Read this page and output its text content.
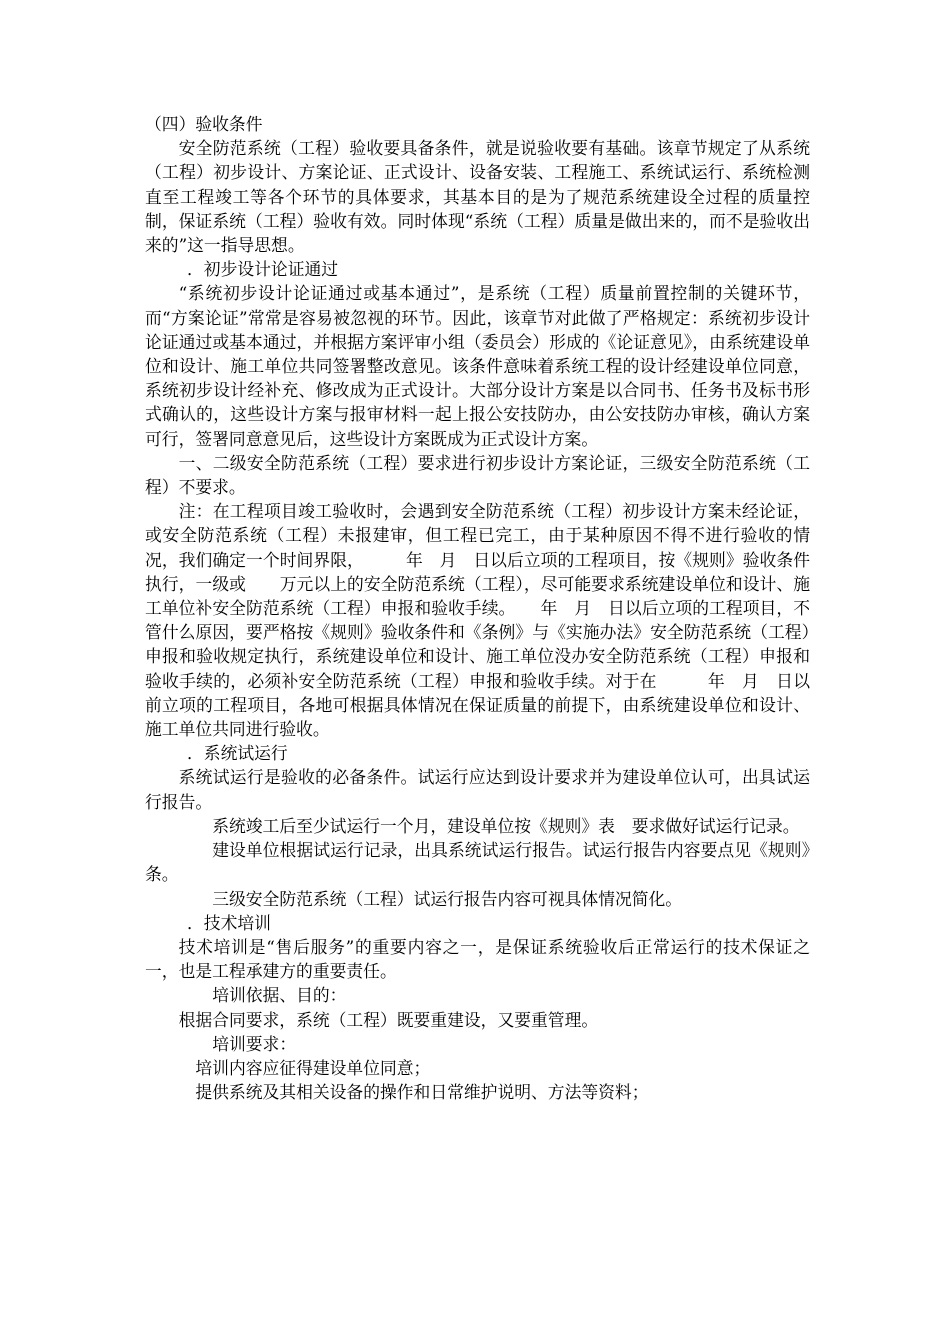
（四）验收条件

安全防范系统（工程）验收要具备条件，就是说验收要有基础。该章节规定了从系统（工程）初步设计、方案论证、正式设计、设备安装、工程施工、系统试运行、系统检测直至工程竣工等各个环节的具体要求，其基本目的是为了规范系统建设全过程的质量控制，保证系统（工程）验收有效。同时体现“系统（工程）质量是做出来的，而不是验收出来的”这一指导思想。

．初步设计论证通过

“系统初步设计论证通过或基本通过”，是系统（工程）质量前置控制的关键环节，而“方案论证”常常是容易被忽视的环节。因此，该章节对此做了严格规定：系统初步设计论证通过或基本通过，并根据方案评审小组（委员会）形成的《论证意见》，由系统建设单位和设计、施工单位共同签署整改意见。该条件意味着系统工程的设计经建设单位同意，系统初步设计经补充、修改成为正式设计。大部分设计方案是以合同书、任务书及标书形式确认的，这些设计方案与报审材料一起上报公安技防办，由公安技防办审核，确认方案可行，签署同意意见后，这些设计方案既成为正式设计方案。

一、二级安全防范系统（工程）要求进行初步设计方案论证，三级安全防范系统（工程）不要求。

注：在工程项目竣工验收时，会遇到安全防范系统（工程）初步设计方案未经论证，或安全防范系统（工程）未报建审，但工程已完工，由于某种原因不得不进行验收的情况，我们确定一个时间界限，　　　年　月　日以后立项的工程项目，按《规则》验收条件执行，一级或　　万元以上的安全防范系统（工程），尽可能要求系统建设单位和设计、施工单位补安全防范系统（工程）申报和验收手续。　　年　月　日以后立项的工程项目，不管什么原因，要严格按《规则》验收条件和《条例》与《实施办法》安全防范系统（工程）申报和验收规定执行，系统建设单位和设计、施工单位没办安全防范系统（工程）申报和验收手续的，必须补安全防范系统（工程）申报和验收手续。对于在　　　年　月　日以前立项的工程项目，各地可根据具体情况在保证质量的前提下，由系统建设单位和设计、施工单位共同进行验收。

．系统试运行

系统试运行是验收的必备条件。试运行应达到设计要求并为建设单位认可，出具试运行报告。

系统竣工后至少试运行一个月，建设单位按《规则》表　要求做好试运行记录。

建设单位根据试运行记录，出具系统试运行报告。试运行报告内容要点见《规则》　　　条。

三级安全防范系统（工程）试运行报告内容可视具体情况简化。

．技术培训

技术培训是“售后服务”的重要内容之一，是保证系统验收后正常运行的技术保证之一，也是工程承建方的重要责任。

培训依据、目的：

根据合同要求，系统（工程）既要重建设，又要重管理。

培训要求：

培训内容应征得建设单位同意；

提供系统及其相关设备的操作和日常维护说明、方法等资料；
